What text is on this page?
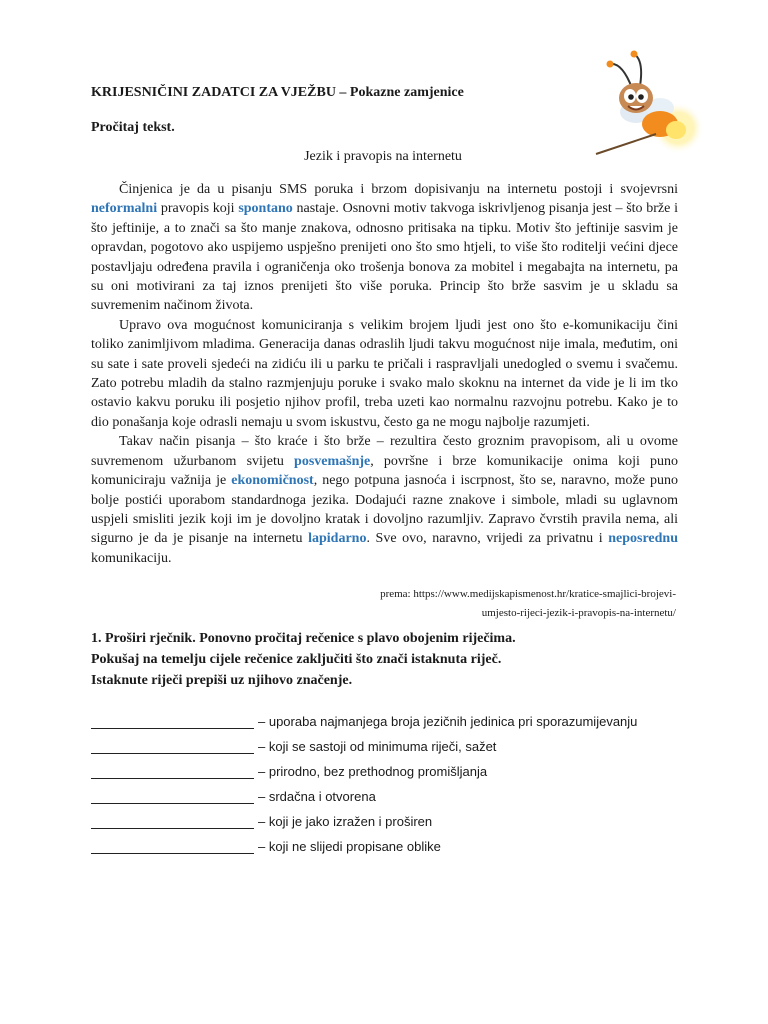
KRIJESNIČINI ZADATCI ZA VJEŽBU – Pokazne zamjenice
Pročitaj tekst.
Jezik i pravopis na internetu

Činjenica je da u pisanju SMS poruka i brzom dopisivanju na internetu postoji i svojevrsni neformalni pravopis koji spontano nastaje. Osnovni motiv takvoga iskrivljenog pisanja jest – što brže i što jeftinije, a to znači sa što manje znakova, odnosno pritisaka na tipku. Motiv što jeftinije sasvim je opravdan, pogotovo ako uspijemo uspješno prenijeti ono što smo htjeli, to više što roditelji većini djece postavljaju određena pravila i ograničenja oko trošenja bonova za mobitel i megabajta na internetu, pa su oni motivirani za taj iznos prenijeti što više poruka. Princip što brže sasvim je u skladu sa suvremenim načinom života.

Upravo ova mogućnost komuniciranja s velikim brojem ljudi jest ono što e-komunikaciju čini toliko zanimljivom mladima. Generacija danas odraslih ljudi takvu mogućnost nije imala, međutim, oni su sate i sate proveli sjedeći na zidiću ili u parku te pričali i raspravljali unedogled o svemu i svačemu. Zato potrebu mladih da stalno razmjenjuju poruke i svako malo skoknu na internet da vide je li im tko ostavio kakvu poruku ili posjetio njihov profil, treba uzeti kao normalnu razvojnu potrebu. Kako je to dio ponašanja koje odrasli nemaju u svom iskustvu, često ga ne mogu najbolje razumjeti.

Takav način pisanja – što kraće i što brže – rezultira često groznim pravopisom, ali u ovome suvremenom užurbanom svijetu posvemašnje, površne i brze komunikacije onima koji puno komuniciraju važnija je ekonomičnost, nego potpuna jasnoća i iscrpnost, što se, naravno, može puno bolje postići uporabom standardnoga jezika. Dodajući razne znakove i simbole, mladi su uglavnom uspjeli smisliti jezik koji im je dovoljno kratak i dovoljno razumljiv. Zapravo čvrstih pravila nema, ali sigurno je da je pisanje na internetu lapidarno. Sve ovo, naravno, vrijedi za privatnu i neposrednu komunikaciju.

prema: https://www.medijskapismenost.hr/kratice-smajlici-brojevi-
umjesto-rijeci-jezik-i-pravopis-na-internetu/
1. Proširi rječnik. Ponovno pročitaj rečenice s plavo obojenim riječima.
Pokušaj na temelju cijele rečenice zaključiti što znači istaknuta riječ.
Istaknute riječi prepiši uz njihovo značenje.
– uporaba najmanjega broja jezičnih jedinica pri sporazumijevanju
– koji se sastoji od minimuma riječi, sažet
– prirodno, bez prethodnog promišljanja
– srdačna i otvorena
– koji je jako izražen i proširen
– koji ne slijedi propisane oblike
